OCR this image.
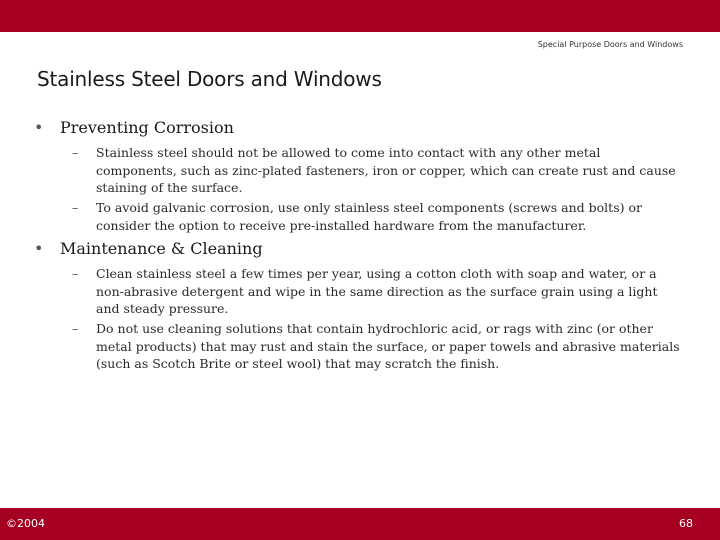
Special Purpose Doors and Windows
Stainless Steel Doors and Windows
• Preventing Corrosion
–	Stainless steel should not be allowed to come into contact with any other metal components, such as zinc-plated fasteners, iron or copper, which can create rust and cause staining of the surface.
–	To avoid galvanic corrosion, use only stainless steel components (screws and bolts) or consider the option to receive pre-installed hardware from the manufacturer.
• Maintenance & Cleaning
–	Clean stainless steel a few times per year, using a cotton cloth with soap and water, or a non-abrasive detergent and wipe in the same direction as the surface grain using a light and steady pressure.
–	Do not use cleaning solutions that contain hydrochloric acid, or rags with zinc (or other metal products) that may rust and stain the surface, or paper towels and abrasive materials (such as Scotch Brite or steel wool) that may scratch the finish.
©2004	68
